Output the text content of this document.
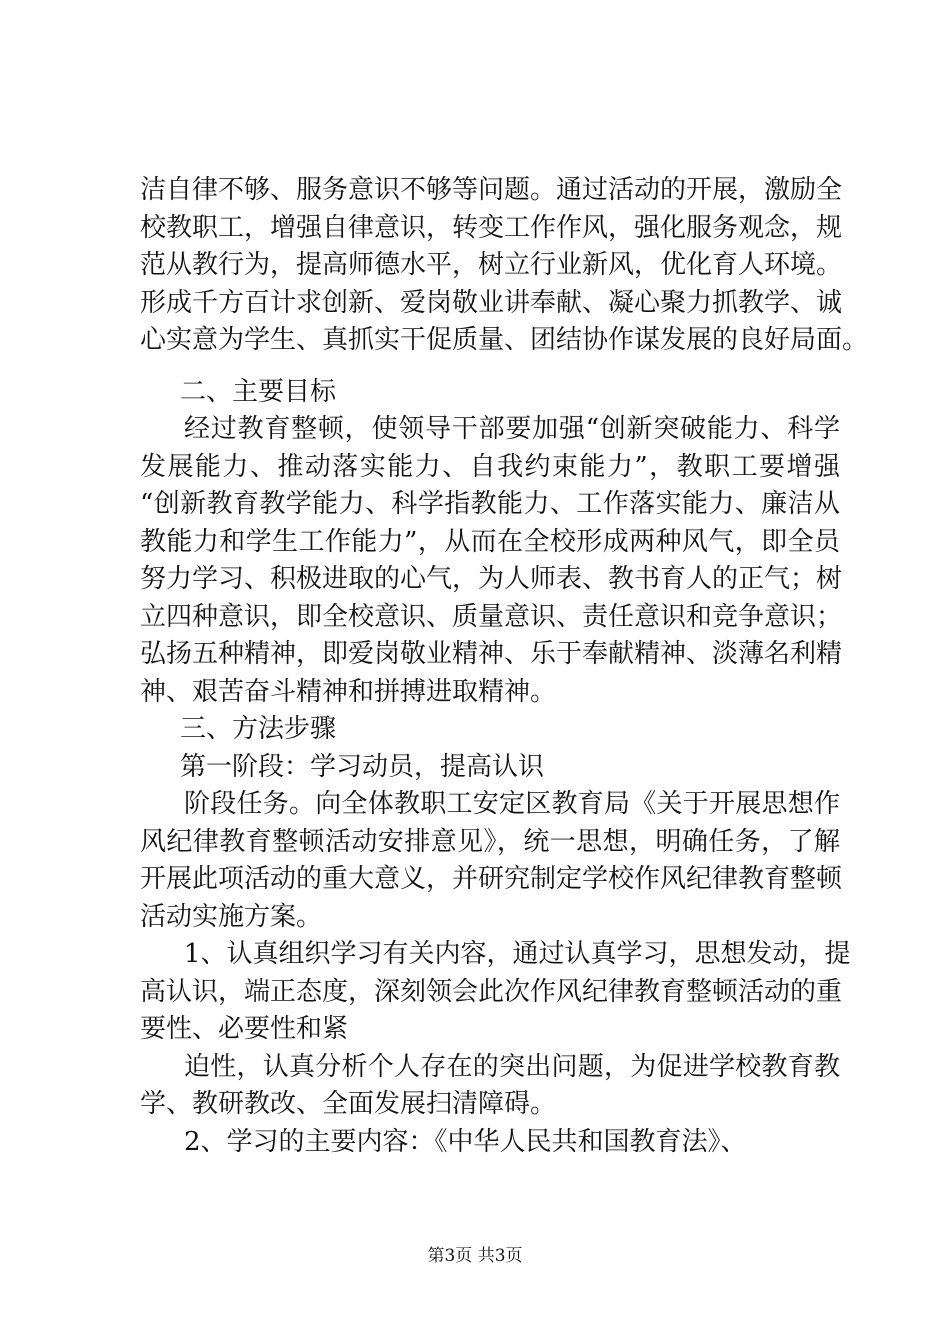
洁自律不够、服务意识不够等问题。通过活动的开展，激励全
校教职工，增强自律意识，转变工作作风，强化服务观念，规
范从教行为，提高师德水平，树立行业新风，优化育人环境。
形成千方百计求创新、爱岗敬业讲奉献、凝心聚力抓教学、诚
心实意为学生、真抓实干促质量、团结协作谋发展的良好局面。
二、主要目标
经过教育整顿，使领导干部要加强“创新突破能力、科学
发展能力、推动落实能力、自我约束能力”，教职工要增强
“创新教育教学能力、科学指教能力、工作落实能力、廉洁从
教能力和学生工作能力”，从而在全校形成两种风气，即全员
努力学习、积极进取的心气，为人师表、教书育人的正气；树
立四种意识，即全校意识、质量意识、责任意识和竞争意识；
弘扬五种精神，即爱岗敬业精神、乐于奉献精神、淡薄名利精
神、艰苦奋斗精神和拼搏进取精神。
三、方法步骤
第一阶段：学习动员，提高认识
阶段任务。向全体教职工安定区教育局《关于开展思想作
风纪律教育整顿活动安排意见》，统一思想，明确任务，了解
开展此项活动的重大意义，并研究制定学校作风纪律教育整顿
活动实施方案。
1、认真组织学习有关内容，通过认真学习，思想发动，提
高认识，端正态度，深刻领会此次作风纪律教育整顿活动的重
要性、必要性和紧
迫性，认真分析个人存在的突出问题，为促进学校教育教
学、教研教改、全面发展扫清障碍。
2、学习的主要内容：《中华人民共和国教育法》、
第3页 共3页
